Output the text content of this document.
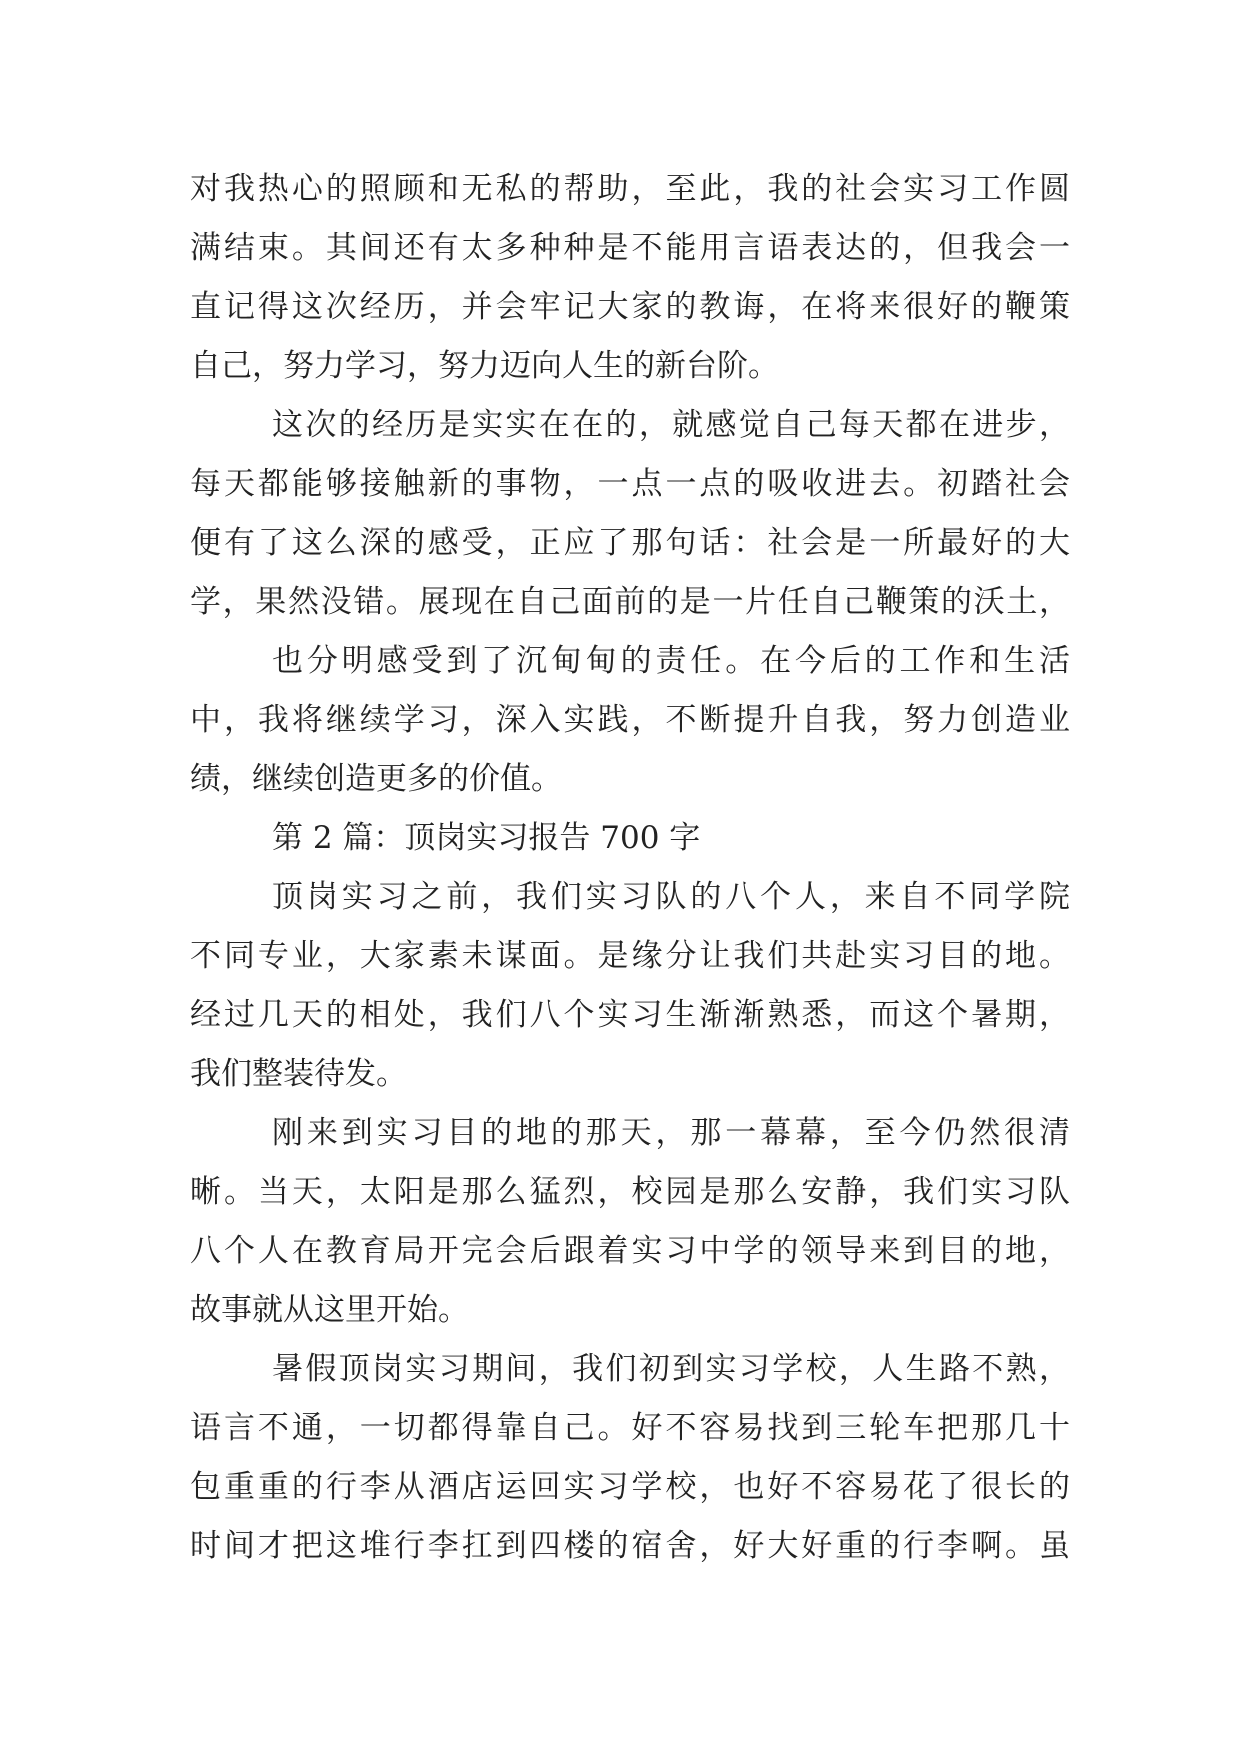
对我热心的照顾和无私的帮助，至此，我的社会实习工作圆
满结束。其间还有太多种种是不能用言语表达的，但我会一
直记得这次经历，并会牢记大家的教诲，在将来很好的鞭策
自己，努力学习，努力迈向人生的新台阶。
这次的经历是实实在在的，就感觉自己每天都在进步，
每天都能够接触新的事物，一点一点的吸收进去。初踏社会
便有了这么深的感受，正应了那句话：社会是一所最好的大
学，果然没错。展现在自己面前的是一片任自己鞭策的沃土，
也分明感受到了沉甸甸的责任。在今后的工作和生活
中，我将继续学习，深入实践，不断提升自我，努力创造业
绩，继续创造更多的价值。
第 2 篇：顶岗实习报告 700 字
顶岗实习之前，我们实习队的八个人，来自不同学院
不同专业，大家素未谋面。是缘分让我们共赴实习目的地。
经过几天的相处，我们八个实习生渐渐熟悉，而这个暑期，
我们整装待发。
刚来到实习目的地的那天，那一幕幕，至今仍然很清
晰。当天，太阳是那么猛烈，校园是那么安静，我们实习队
八个人在教育局开完会后跟着实习中学的领导来到目的地，
故事就从这里开始。
暑假顶岗实习期间，我们初到实习学校，人生路不熟，
语言不通，一切都得靠自己。好不容易找到三轮车把那几十
包重重的行李从酒店运回实习学校，也好不容易花了很长的
时间才把这堆行李扛到四楼的宿舍，好大好重的行李啊。虽
